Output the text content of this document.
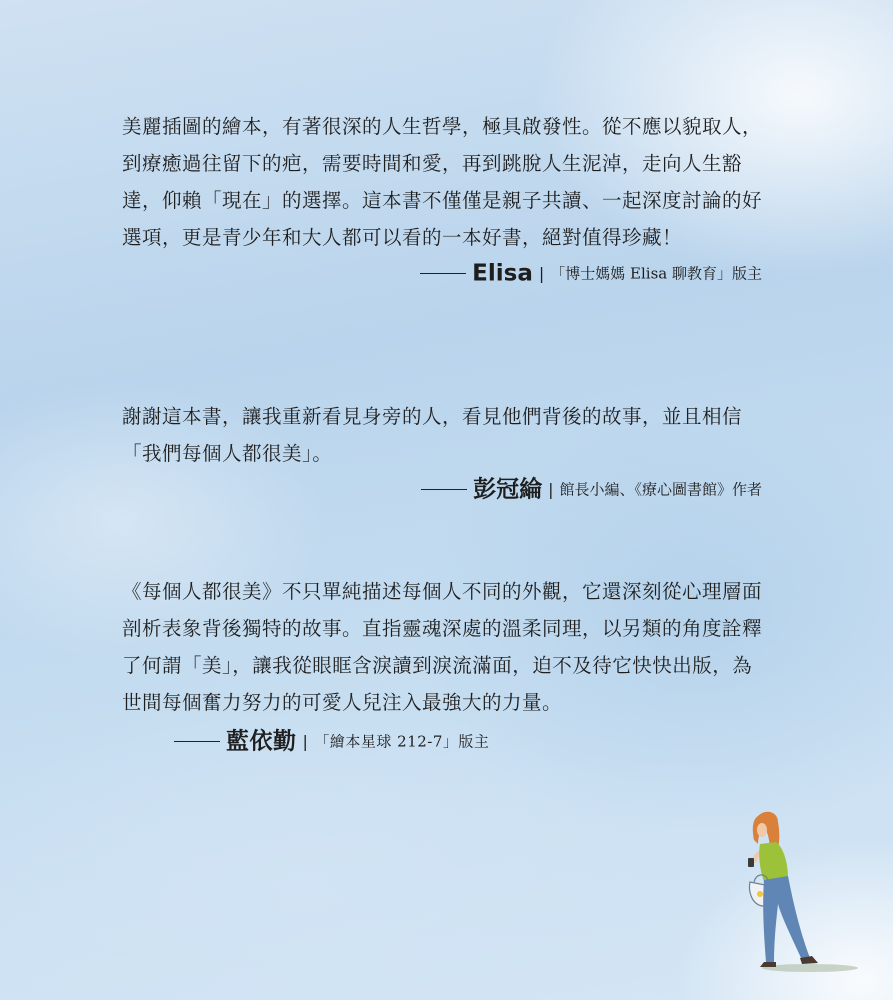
美麗插圖的繪本，有著很深的人生哲學，極具啟發性。從不應以貌取人，到療癒過往留下的疤，需要時間和愛，再到跳脫人生泥淖，走向人生豁達，仰賴「現在」的選擇。這本書不僅僅是親子共讀、一起深度討論的好選項，更是青少年和大人都可以看的一本好書，絕對值得珍藏！

Elisa | 「博士媽媽 Elisa 聊教育」版主

謝謝這本書，讓我重新看見身旁的人，看見他們背後的故事，並且相信「我們每個人都很美」。

彭冠綸 | 館長小編、《療心圖書館》作者

《每個人都很美》不只單純描述每個人不同的外觀，它還深刻從心理層面剖析表象背後獨特的故事。直指靈魂深處的溫柔同理，以另類的角度詮釋了何謂「美」，讓我從眼眶含淚讀到淚流滿面，迫不及待它快快出版，為世間每個奮力努力的可愛人兒注入最強大的力量。藍依勤 | 「繪本星球 212-7」版主
